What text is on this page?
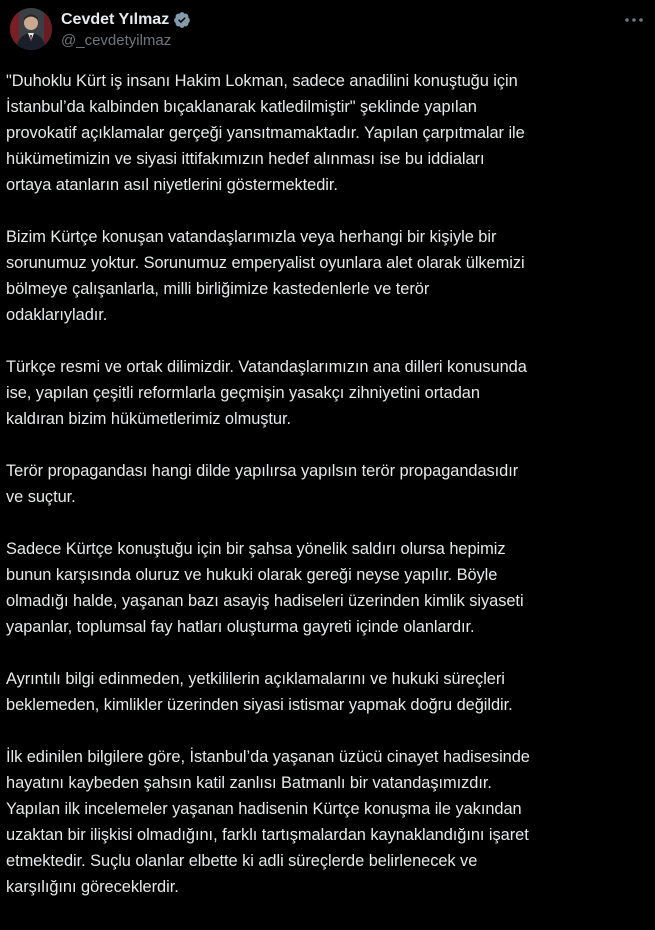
Cevdet Yılmaz
@_cevdetyilmaz

"Duhoklu Kürt iş insanı Hakim Lokman, sadece anadilini konuştuğu için
İstanbul’da kalbinden bıçaklanarak katledilmiştir" şeklinde yapılan
provokatif açıklamalar gerçeği yansıtmamaktadır. Yapılan çarpıtmalar ile
hükümetimizin ve siyasi ittifakımızın hedef alınması ise bu iddiaları
ortaya atanların asıl niyetlerini göstermektedir.

Bizim Kürtçe konuşan vatandaşlarımızla veya herhangi bir kişiyle bir
sorunumuz yoktur. Sorunumuz emperyalist oyunlara alet olarak ülkemizi
bölmeye çalışanlarla, milli birliğimize kastedenlerle ve terör
odaklarıyladır.

Türkçe resmi ve ortak dilimizdir. Vatandaşlarımızın ana dilleri konusunda
ise, yapılan çeşitli reformlarla geçmişin yasakçı zihniyetini ortadan
kaldıran bizim hükümetlerimiz olmuştur.

Terör propagandası hangi dilde yapılırsa yapılsın terör propagandasıdır
ve suçtur.

Sadece Kürtçe konuştuğu için bir şahsa yönelik saldırı olursa hepimiz
bunun karşısında oluruz ve hukuki olarak gereği neyse yapılır. Böyle
olmadığı halde, yaşanan bazı asayiş hadiseleri üzerinden kimlik siyaseti
yapanlar, toplumsal fay hatları oluşturma gayreti içinde olanlardır.

Ayrıntılı bilgi edinmeden, yetkililerin açıklamalarını ve hukuki süreçleri
beklemeden, kimlikler üzerinden siyasi istismar yapmak doğru değildir.

İlk edinilen bilgilere göre, İstanbul’da yaşanan üzücü cinayet hadisesinde
hayatını kaybeden şahsın katil zanlısı Batmanlı bir vatandaşımızdır.
Yapılan ilk incelemeler yaşanan hadisenin Kürtçe konuşma ile yakından
uzaktan bir ilişkisi olmadığını, farklı tartışmalardan kaynaklandığını işaret
etmektedir. Suçlu olanlar elbette ki adli süreçlerde belirlenecek ve
karşılığını göreceklerdir.
